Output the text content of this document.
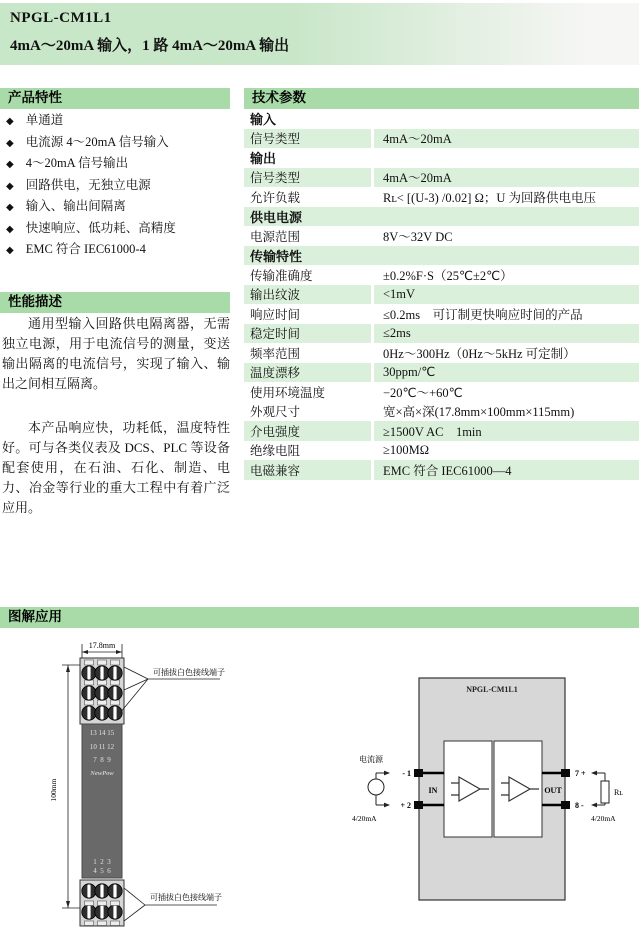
NPGL-CM1L1
4mA～20mA 输入，1 路 4mA～20mA 输出
产品特性
◆ 单通道
◆ 电流源 4～20mA 信号输入
◆ 4～20mA 信号输出
◆ 回路供电，无独立电源
◆ 输入、输出间隔离
◆ 快速响应、低功耗、高精度
◆ EMC 符合 IEC61000-4
性能描述

通用型输入回路供电隔离器，无需独立电源，用于电流信号的测量，变送输出隔离的电流信号，实现了输入、输出之间相互隔离。

本产品响应快，功耗低，温度特性好。可与各类仪表及 DCS、PLC 等设备配套使用，在石油、石化、制造、电力、冶金等行业的重大工程中有着广泛应用。

技术参数
输入
信号类型	4mA～20mA
输出
信号类型	4mA～20mA
允许负载	Rʟ< [(U-3) /0.02] Ω；U 为回路供电电压
供电电源
电源范围	8V～32V DC
传输特性
传输准确度	±0.2%F·S（25℃±2℃）
输出纹波	<1mV
响应时间	≤0.2ms　可订制更快响应时间的产品
稳定时间	≤2ms
频率范围	0Hz～300Hz（0Hz～5kHz 可定制）
温度漂移	30ppm/℃
使用环境温度	−20℃～+60℃
外观尺寸	宽×高×深(17.8mm×100mm×115mm)
介电强度	≥1500V AC　1min
绝缘电阻	≥100MΩ
电磁兼容	EMC 符合 IEC61000—4
图解应用
17.8mm
100mm
13 14 15
10 11 12
7  8  9
NewPow
1  2  3
4  5  6
可插拔白色接线端子
可插拔白色接线端子
NPGL-CM1L1
IN	OUT
- 1
+ 2
7 +
8 -
电流源
4/20mA
Rʟ
4/20mA
